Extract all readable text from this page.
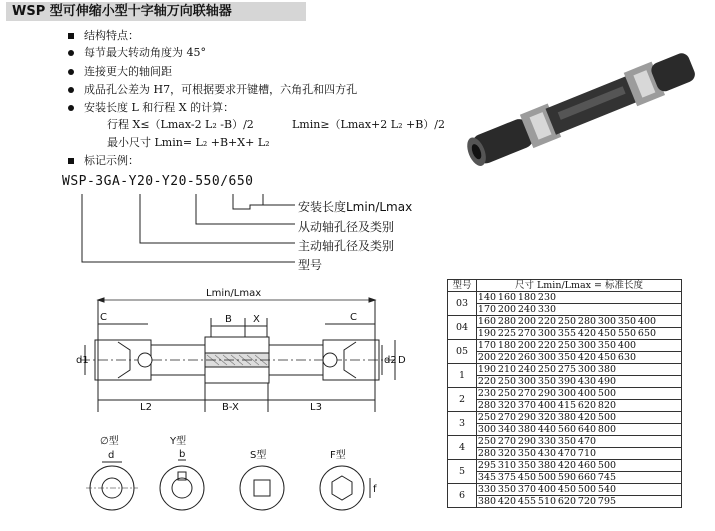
WSP 型可伸缩小型十字轴万向联轴器
结构特点：
每节最大转动角度为 45°
连接更大的轴间距
成品孔公差为 H7，可根据要求开键槽，六角孔和四方孔
安装长度 L 和行程 X 的计算：
行程 X≤（Lmax-2 L₂ -B）/2	Lmin≥（Lmax+2 L₂ +B）/2
最小尺寸 Lmin= L₂ +B+X+ L₂
标记示例：
WSP-3GA-Y20-Y20-550/650
安装长度Lmin/Lmax
从动轴孔径及类别
主动轴孔径及类别
型号
Lmin/Lmax
C	C
B X
L2	B-X	L3
d1	d2 D
∅型
d
Y型
b	S型	F型
f
型号	尺寸 Lmin/Lmax = 标准长度
03	140 160 180 230
	170 200 240 330
04	160 280 200 220 250 280 300 350 400
	190 225 270 300 355 420 450 550 650
05	170 180 200 220 250 300 350 400
	200 220 260 300 350 420 450 630
1	190 210 240 250 275 300 380
	220 250 300 350 390 430 490
2	230 250 270 290 300 400 500
	280 320 370 400 415 620 820
3	250 270 290 320 380 420 500
	300 340 380 440 560 640 800
4	250 270 290 330 350 470
	280 320 350 430 470 710
5	295 310 350 380 420 460 500
	345 375 450 500 590 660 745
6	330 350 370 400 450 500 540
	380 420 455 510 620 720 795
